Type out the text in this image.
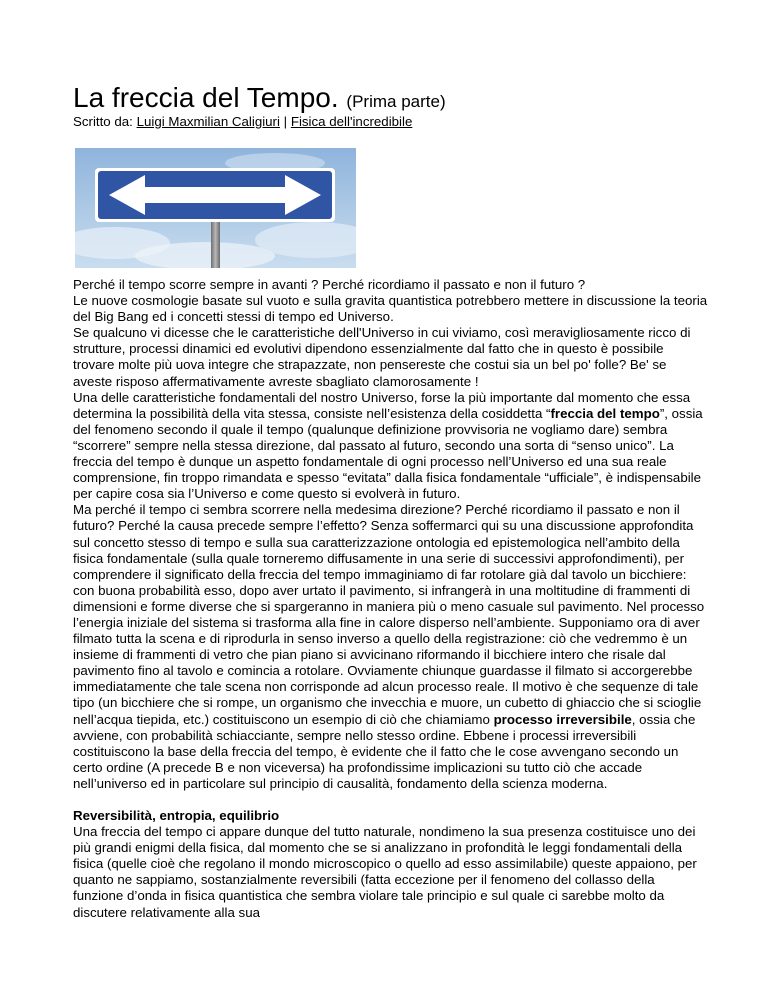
La freccia del Tempo. (Prima parte)
Scritto da: Luigi Maxmilian Caligiuri | Fisica dell'incredibile

Perché il tempo scorre sempre in avanti ? Perché ricordiamo il passato e non il futuro ?

Le nuove cosmologie basate sul vuoto e sulla gravita quantistica potrebbero mettere in discussione la teoria del Big Bang ed i concetti stessi di tempo ed Universo.

Se qualcuno vi dicesse che le caratteristiche dell'Universo in cui viviamo, così meravigliosamente ricco di strutture, processi dinamici ed evolutivi dipendono essenzialmente dal fatto che in questo è possibile trovare molte più uova integre che strapazzate, non pensereste che costui sia un bel po' folle? Be' se aveste risposo affermativamente avreste sbagliato clamorosamente !

Una delle caratteristiche fondamentali del nostro Universo, forse la più importante dal momento che essa determina la possibilità della vita stessa, consiste nell’esistenza della cosiddetta “freccia del tempo”, ossia del fenomeno secondo il quale il tempo (qualunque definizione provvisoria ne vogliamo dare) sembra “scorrere” sempre nella stessa direzione, dal passato al futuro, secondo una sorta di “senso unico”. La freccia del tempo è dunque un aspetto fondamentale di ogni processo nell’Universo ed una sua reale comprensione, fin troppo rimandata e spesso “evitata” dalla fisica fondamentale “ufficiale”, è indispensabile per capire cosa sia l’Universo e come questo si evolverà in futuro.

Ma perché il tempo ci sembra scorrere nella medesima direzione? Perché ricordiamo il passato e non il futuro? Perché la causa precede sempre l’effetto? Senza soffermarci qui su una discussione approfondita sul concetto stesso di tempo e sulla sua caratterizzazione ontologia ed epistemologica nell’ambito della fisica fondamentale (sulla quale torneremo diffusamente in una serie di successivi approfondimenti), per comprendere il significato della freccia del tempo immaginiamo di far rotolare già dal tavolo un bicchiere: con buona probabilità esso, dopo aver urtato il pavimento, si infrangerà in una moltitudine di frammenti di dimensioni e forme diverse che si spargeranno in maniera più o meno casuale sul pavimento. Nel processo l’energia iniziale del sistema si trasforma alla fine in calore disperso nell’ambiente. Supponiamo ora di aver filmato tutta la scena e di riprodurla in senso inverso a quello della registrazione: ciò che vedremmo è un insieme di frammenti di vetro che pian piano si avvicinano riformando il bicchiere intero che risale dal pavimento fino al tavolo e comincia a rotolare. Ovviamente chiunque guardasse il filmato si accorgerebbe immediatamente che tale scena non corrisponde ad alcun processo reale. Il motivo è che sequenze di tale tipo (un bicchiere che si rompe, un organismo che invecchia e muore, un cubetto di ghiaccio che si scioglie nell’acqua tiepida, etc.) costituiscono un esempio di ciò che chiamiamo processo irreversibile, ossia che avviene, con probabilità schiacciante, sempre nello stesso ordine. Ebbene i processi irreversibili costituiscono la base della freccia del tempo, è evidente che il fatto che le cose avvengano secondo un certo ordine (A precede B e non viceversa) ha profondissime implicazioni su tutto ciò che accade nell’universo ed in particolare sul principio di causalità, fondamento della scienza moderna.

Reversibilità, entropia, equilibrio

Una freccia del tempo ci appare dunque del tutto naturale, nondimeno la sua presenza costituisce uno dei più grandi enigmi della fisica, dal momento che se si analizzano in profondità le leggi fondamentali della fisica (quelle cioè che regolano il mondo microscopico o quello ad esso assimilabile) queste appaiono, per quanto ne sappiamo, sostanzialmente reversibili (fatta eccezione per il fenomeno del collasso della funzione d’onda in fisica quantistica che sembra violare tale principio e sul quale ci sarebbe molto da discutere relativamente alla sua
